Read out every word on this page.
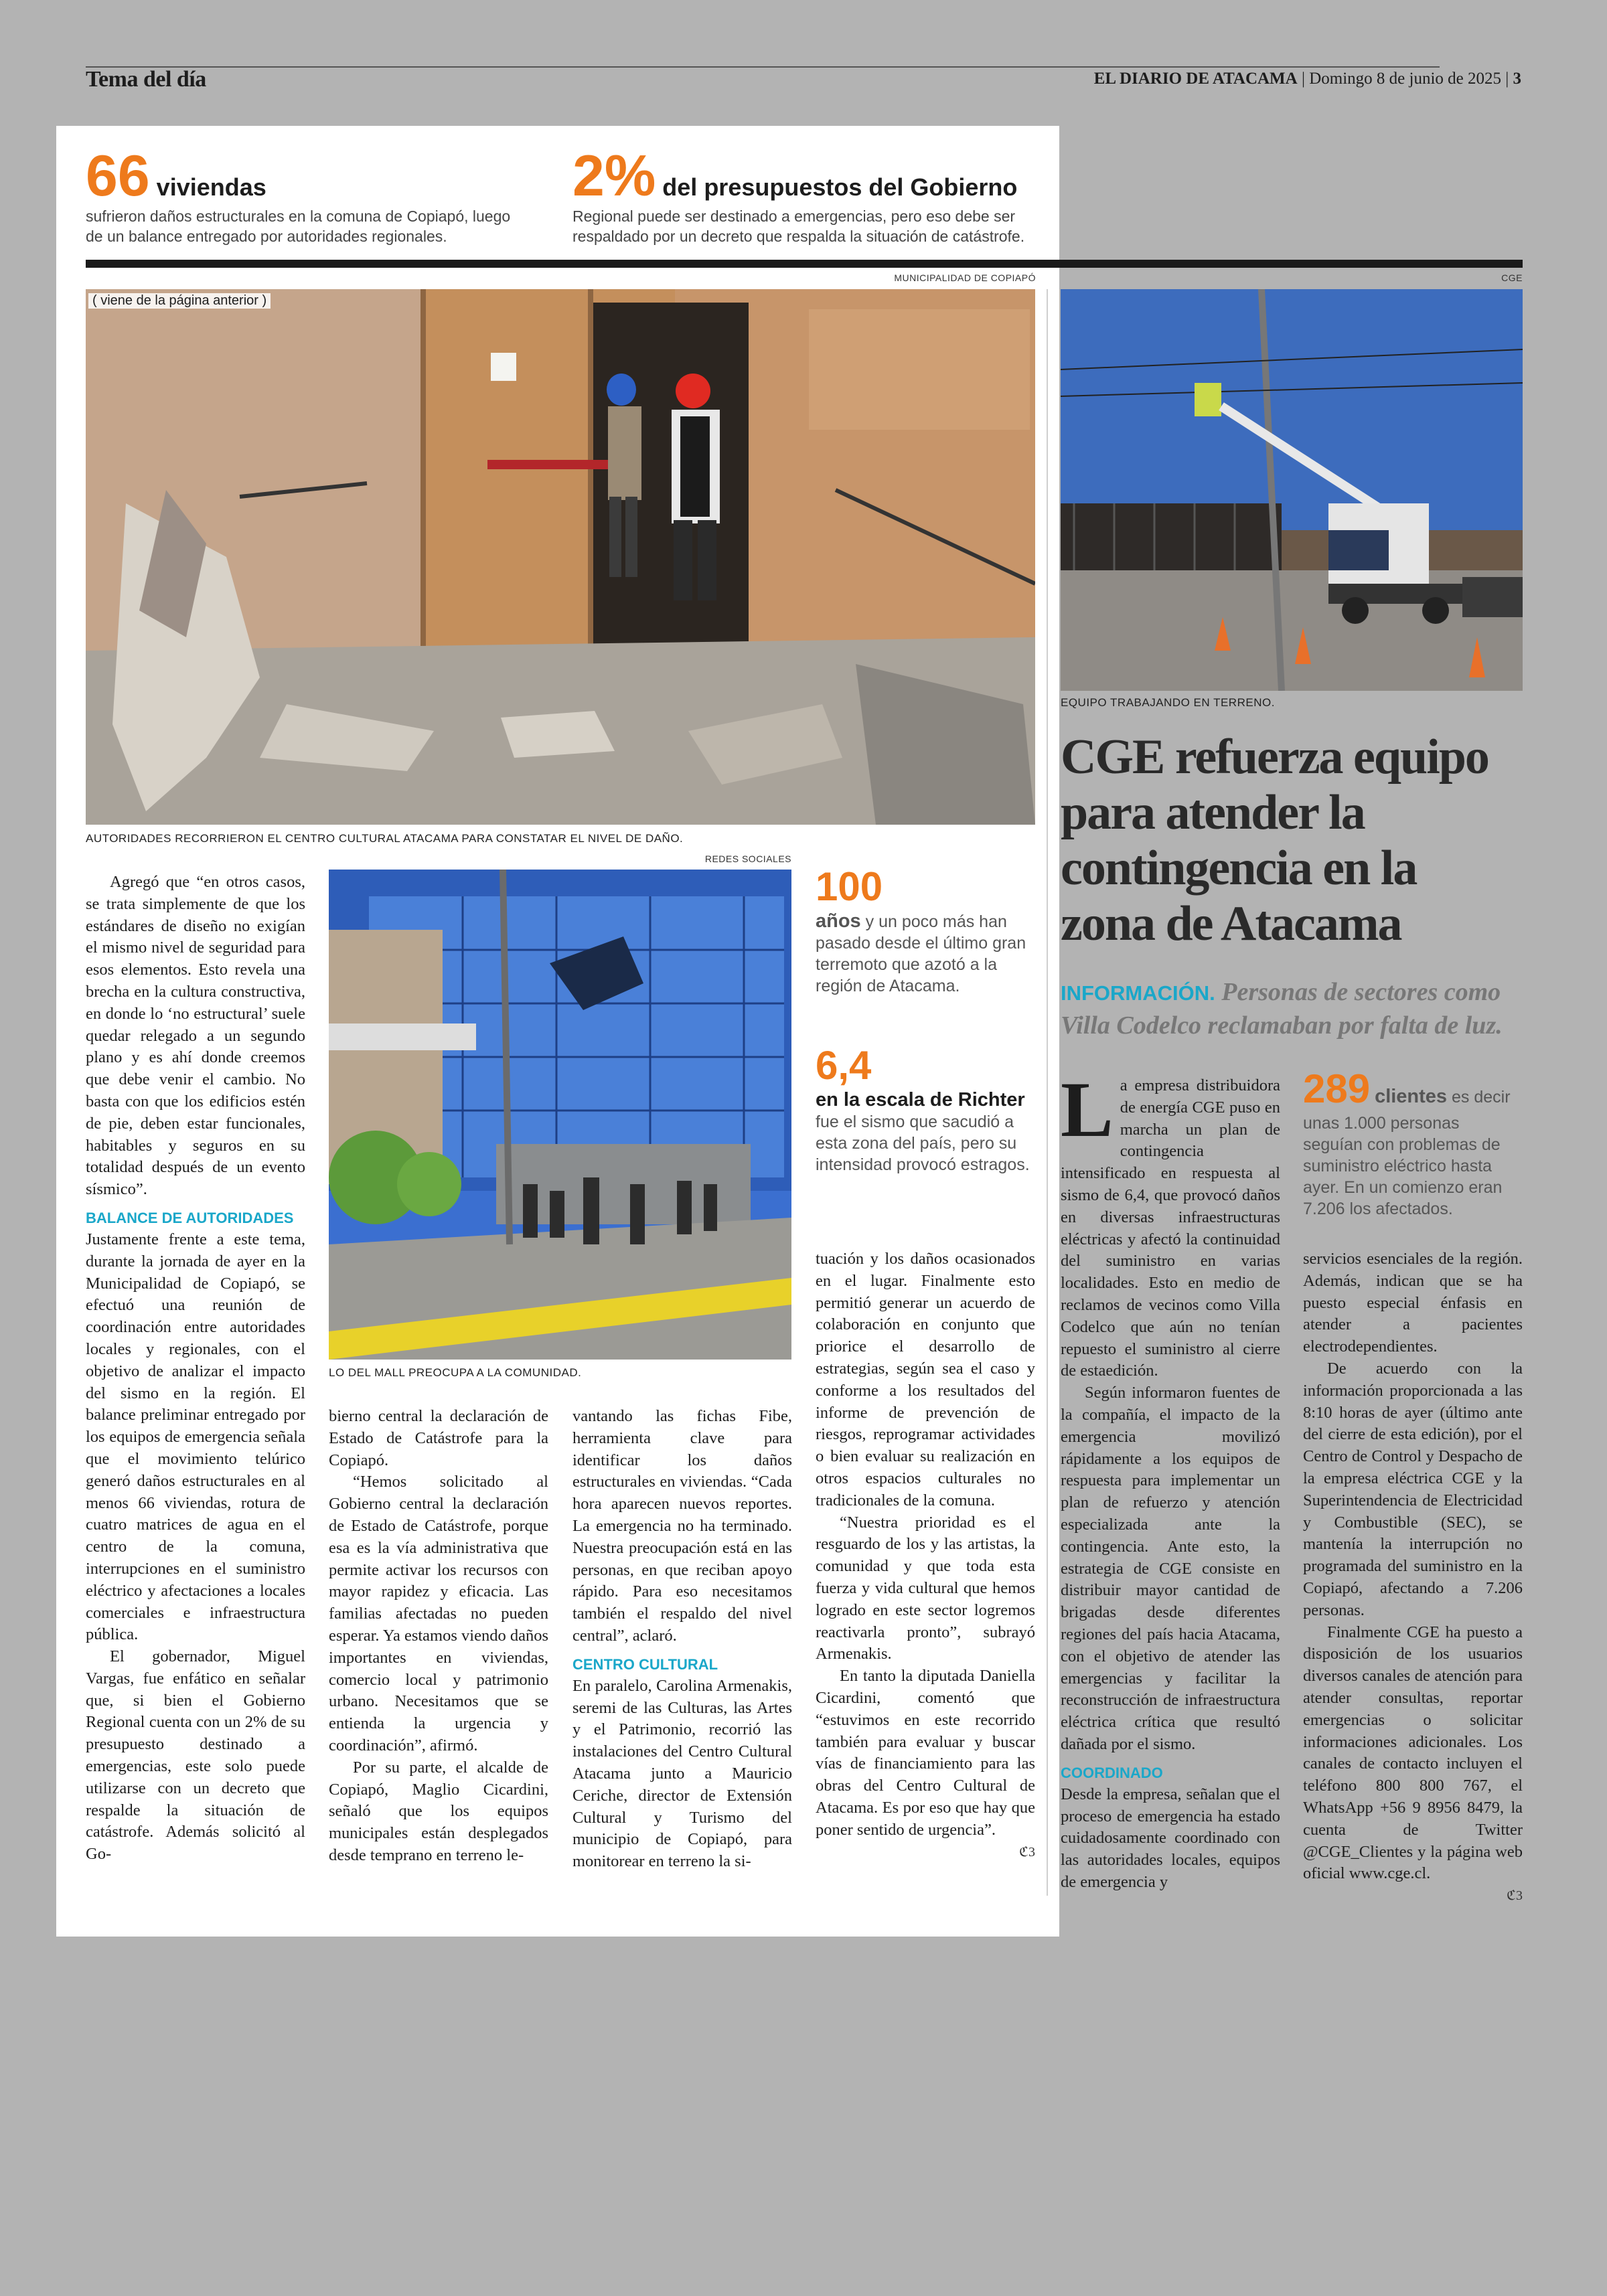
Tema del día	EL DIARIO DE ATACAMA | Domingo 8 de junio de 2025 | 3
66 viviendas
sufrieron daños estructurales en la comuna de Copiapó, luego
de un balance entregado por autoridades regionales.
2% del presupuestos del Gobierno
Regional puede ser destinado a emergencias, pero eso debe ser
respaldado por un decreto que respalda la situación de catástrofe.
MUNICIPALIDAD DE COPIAPÓ
( viene de la página anterior )
AUTORIDADES RECORRIERON EL CENTRO CULTURAL ATACAMA PARA CONSTATAR EL NIVEL DE DAÑO.
REDES SOCIALES
LO DEL MALL PREOCUPA A LA COMUNIDAD.
100
años y un poco más han pasado desde el último gran terremoto que azotó a la región de Atacama.
6,4
en la escala de Richter
fue el sismo que sacudió a esta zona del país, pero su intensidad provocó estragos.

Agregó que “en otros casos, se trata simplemente de que los estándares de diseño no exigían el mismo nivel de seguridad para esos elementos. Esto revela una brecha en la cultura constructiva, en donde lo ‘no estructural’ suele quedar relegado a un segundo plano y es ahí donde creemos que debe venir el cambio. No basta con que los edificios estén de pie, deben estar funcionales, habitables y seguros en su totalidad después de un evento sísmico”.

BALANCE DE AUTORIDADES

Justamente frente a este tema, durante la jornada de ayer en la Municipalidad de Copiapó, se efectuó una reunión de coordinación entre autoridades locales y regionales, con el objetivo de analizar el impacto del sismo en la región. El balance preliminar entregado por los equipos de emergencia señala que el movimiento telúrico generó daños estructurales en al menos 66 viviendas, rotura de cuatro matrices de agua en el centro de la comuna, interrupciones en el suministro eléctrico y afectaciones a locales comerciales e infraestructura pública.

El gobernador, Miguel Vargas, fue enfático en señalar que, si bien el Gobierno Regional cuenta con un 2% de su presupuesto destinado a emergencias, este solo puede utilizarse con un decreto que respalde la situación de catástrofe. Además solicitó al Go-

bierno central la declaración de Estado de Catástrofe para la Copiapó.

“Hemos solicitado al Gobierno central la declaración de Estado de Catástrofe, porque esa es la vía administrativa que permite activar los recursos con mayor rapidez y eficacia. Las familias afectadas no pueden esperar. Ya estamos viendo daños importantes en viviendas, comercio local y patrimonio urbano. Necesitamos que se entienda la urgencia y coordinación”, afirmó.

Por su parte, el alcalde de Copiapó, Maglio Cicardini, señaló que los equipos municipales están desplegados desde temprano en terreno le-

vantando las fichas Fibe, herramienta clave para identificar los daños estructurales en viviendas. “Cada hora aparecen nuevos reportes. La emergencia no ha terminado. Nuestra preocupación está en las personas, en que reciban apoyo rápido. Para eso necesitamos también el respaldo del nivel central”, aclaró.

CENTRO CULTURAL

En paralelo, Carolina Armenakis, seremi de las Culturas, las Artes y el Patrimonio, recorrió las instalaciones del Centro Cultural Atacama junto a Mauricio Ceriche, director de Extensión Cultural y Turismo del municipio de Copiapó, para monitorear en terreno la si-

tuación y los daños ocasionados en el lugar. Finalmente esto permitió generar un acuerdo de colaboración en conjunto que priorice el desarrollo de estrategias, según sea el caso y conforme a los resultados del informe de prevención de riesgos, reprogramar actividades o bien evaluar su realización en otros espacios culturales no tradicionales de la comuna.

“Nuestra prioridad es el resguardo de los y las artistas, la comunidad y que toda esta fuerza y vida cultural que hemos logrado en este sector logremos reactivarla pronto”, subrayó Armenakis.

En tanto la diputada Daniella Cicardini, comentó que “estuvimos en este recorrido también para evaluar y buscar vías de financiamiento para las obras del Centro Cultural de Atacama. Es por eso que hay que poner sentido de urgencia”.

ℭ3
CGE
EQUIPO TRABAJANDO EN TERRENO.
CGE refuerza equipo
para atender la
contingencia en la
zona de Atacama
INFORMACIÓN. Personas de sectores como
Villa Codelco reclamaban por falta de luz.
L a empresa distribuidora de energía CGE puso en marcha un plan de contingencia intensificado en respuesta al sismo de 6,4, que provocó daños en diversas infraestructuras eléctricas y afectó la continuidad del suministro en varias localidades. Esto en medio de reclamos de vecinos como Villa Codelco que aún no tenían repuesto el suministro al cierre de estaedición.

Según informaron fuentes de la compañía, el impacto de la emergencia movilizó rápidamente a los equipos de respuesta para implementar un plan de refuerzo y atención especializada ante la contingencia. Ante esto, la estrategia de CGE consiste en distribuir mayor cantidad de brigadas desde diferentes regiones del país hacia Atacama, con el objetivo de atender las emergencias y facilitar la reconstrucción de infraestructura eléctrica crítica que resultó dañada por el sismo.

COORDINADO

Desde la empresa, señalan que el proceso de emergencia ha estado cuidadosamente coordinado con las autoridades locales, equipos de emergencia y

289 clientes es decir unas 1.000 personas seguían con problemas de suministro eléctrico hasta ayer. En un comienzo eran 7.206 los afectados.

servicios esenciales de la región. Además, indican que se ha puesto especial énfasis en atender a pacientes electrodependientes.

De acuerdo con la información proporcionada a las 8:10 horas de ayer (último ante del cierre de esta edición), por el Centro de Control y Despacho de la empresa eléctrica CGE y la Superintendencia de Electricidad y Combustible (SEC), se mantenía la interrupción no programada del suministro en la Copiapó, afectando a 7.206 personas.

Finalmente CGE ha puesto a disposición de los usuarios diversos canales de atención para atender consultas, reportar emergencias o solicitar informaciones adicionales. Los canales de contacto incluyen el teléfono 800 800 767, el WhatsApp +56 9 8956 8479, la cuenta de Twitter @CGE_Clientes y la página web oficial www.cge.cl.

ℭ3
